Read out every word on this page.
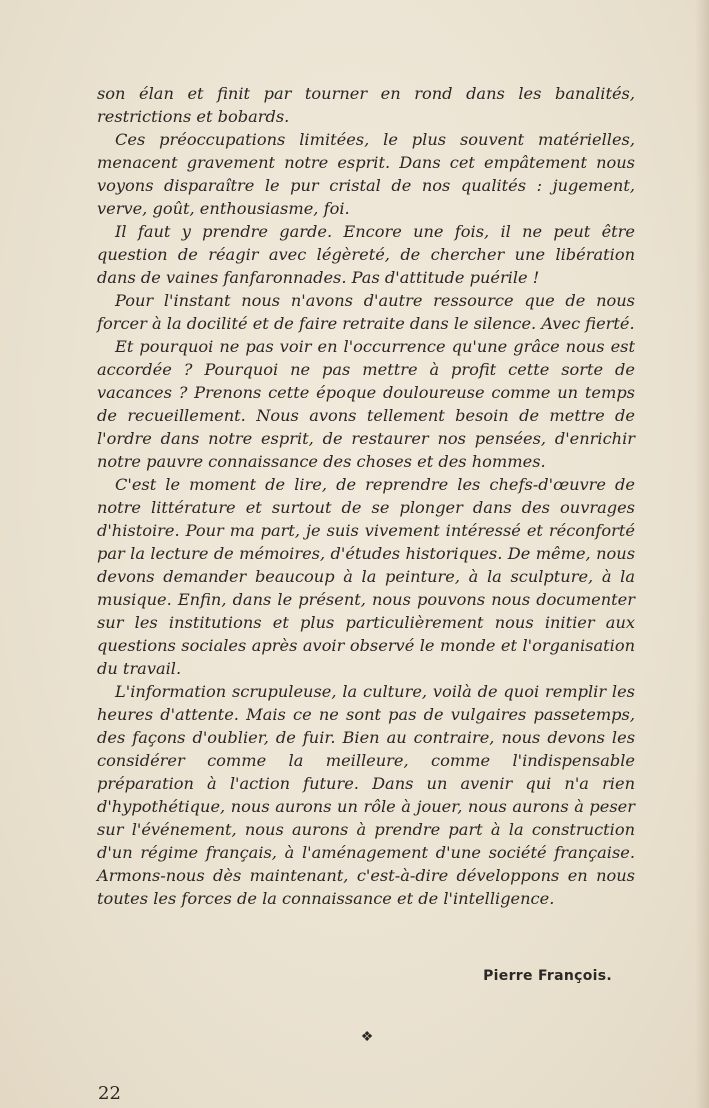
son élan et finit par tourner en rond dans les banalités, restrictions et bobards.

Ces préoccupations limitées, le plus souvent matérielles, menacent gravement notre esprit. Dans cet empâtement nous voyons disparaître le pur cristal de nos qualités : jugement, verve, goût, enthousiasme, foi.

Il faut y prendre garde. Encore une fois, il ne peut être question de réagir avec légèreté, de chercher une libération dans de vaines fanfaronnades. Pas d'attitude puérile !

Pour l'instant nous n'avons d'autre ressource que de nous forcer à la docilité et de faire retraite dans le silence. Avec fierté.

Et pourquoi ne pas voir en l'occurrence qu'une grâce nous est accordée ? Pourquoi ne pas mettre à profit cette sorte de vacances ? Prenons cette époque douloureuse comme un temps de recueillement. Nous avons tellement besoin de mettre de l'ordre dans notre esprit, de restaurer nos pensées, d'enrichir notre pauvre connaissance des choses et des hommes.

C'est le moment de lire, de reprendre les chefs-d'œuvre de notre littérature et surtout de se plonger dans des ouvrages d'histoire. Pour ma part, je suis vivement intéressé et réconforté par la lecture de mémoires, d'études historiques. De même, nous devons demander beaucoup à la peinture, à la sculpture, à la musique. Enfin, dans le présent, nous pouvons nous documenter sur les institutions et plus particulièrement nous initier aux questions sociales après avoir observé le monde et l'organisation du travail.

L'information scrupuleuse, la culture, voilà de quoi remplir les heures d'attente. Mais ce ne sont pas de vulgaires passetemps, des façons d'oublier, de fuir. Bien au contraire, nous devons les considérer comme la meilleure, comme l'indispensable préparation à l'action future. Dans un avenir qui n'a rien d'hypothétique, nous aurons un rôle à jouer, nous aurons à peser sur l'événement, nous aurons à prendre part à la construction d'un régime français, à l'aménagement d'une société française. Armons-nous dès maintenant, c'est-à-dire développons en nous toutes les forces de la connaissance et de l'intelligence.

Pierre François.
❖
22
